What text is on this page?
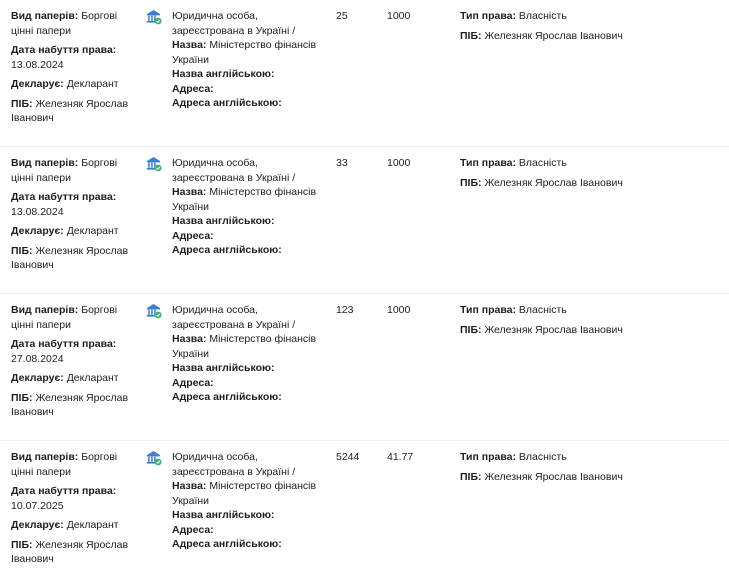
Вид паперів: Боргові цінні папери

Дата набуття права:
13.08.2024

Декларує: Декларант

ПІБ: Железняк Ярослав Іванович

Юридична особа, зареєстрована в Україні /

Назва: Міністерство фінансів України

Назва англійською:

Адреса:

Адреса англійською:

25	1000	Тип права: Власність

ПІБ: Железняк Ярослав Іванович

Вид паперів: Боргові цінні папери

Дата набуття права:
13.08.2024

Декларує: Декларант

ПІБ: Железняк Ярослав Іванович

Юридична особа, зареєстрована в Україні /

Назва: Міністерство фінансів України

Назва англійською:

Адреса:

Адреса англійською:

33	1000	Тип права: Власність

ПІБ: Железняк Ярослав Іванович

Вид паперів: Боргові цінні папери

Дата набуття права:
27.08.2024

Декларує: Декларант

ПІБ: Железняк Ярослав Іванович

Юридична особа, зареєстрована в Україні /

Назва: Міністерство фінансів України

Назва англійською:

Адреса:

Адреса англійською:

123	1000	Тип права: Власність

ПІБ: Железняк Ярослав Іванович

Вид паперів: Боргові цінні папери

Дата набуття права:
10.07.2025

Декларує: Декларант

ПІБ: Железняк Ярослав Іванович

Юридична особа, зареєстрована в Україні /

Назва: Міністерство фінансів України

Назва англійською:

Адреса:

Адреса англійською:

5244	41.77	Тип права: Власність

ПІБ: Железняк Ярослав Іванович
